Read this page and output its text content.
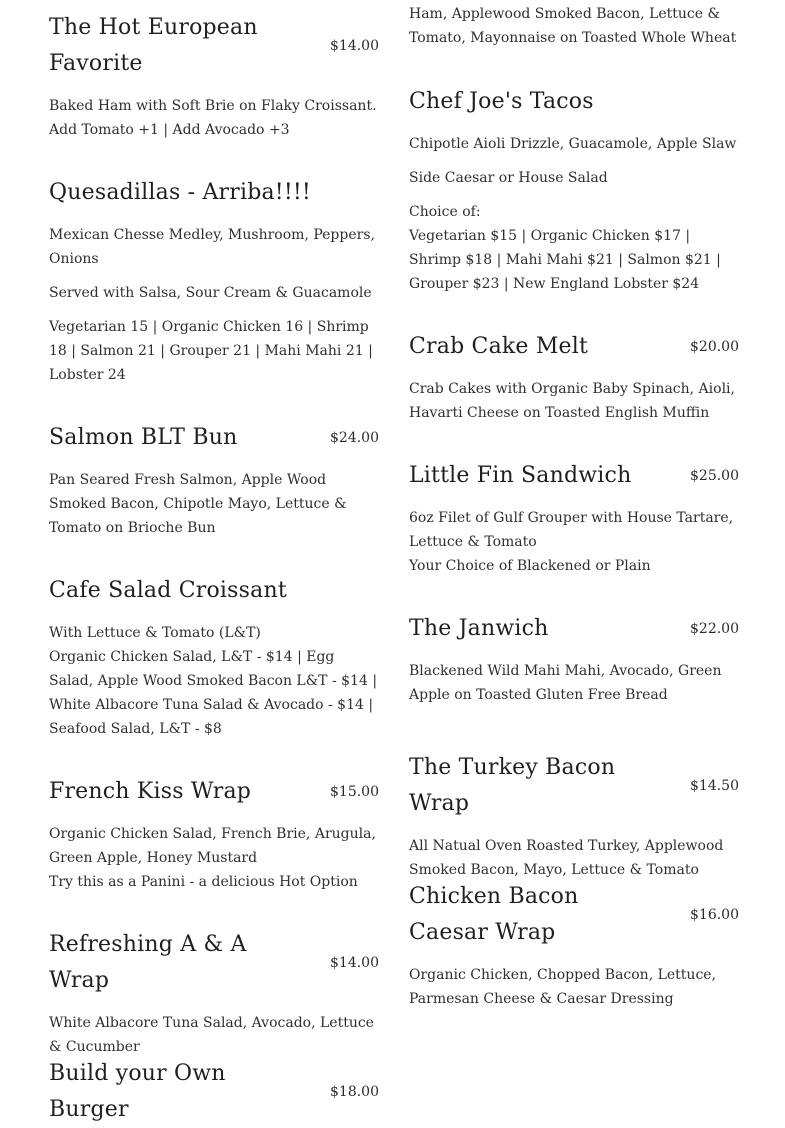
The Hot European Favorite
$14.00
Baked Ham with Soft Brie on Flaky Croissant. Add Tomato +1 | Add Avocado +3
Quesadillas - Arriba!!!!
Mexican Chesse Medley, Mushroom, Peppers, Onions
Served with Salsa, Sour Cream & Guacamole
Vegetarian 15 | Organic Chicken 16 | Shrimp 18 | Salmon 21 | Grouper 21 | Mahi Mahi 21 | Lobster 24
Salmon BLT Bun	$24.00
Pan Seared Fresh Salmon, Apple Wood Smoked Bacon, Chipotle Mayo, Lettuce & Tomato on Brioche Bun
Cafe Salad Croissant
With Lettuce & Tomato (L&T)
Organic Chicken Salad, L&T - $14 | Egg Salad, Apple Wood Smoked Bacon L&T - $14 | White Albacore Tuna Salad & Avocado - $14 | Seafood Salad, L&T - $8
French Kiss Wrap	$15.00
Organic Chicken Salad, French Brie, Arugula, Green Apple, Honey Mustard
Try this as a Panini - a delicious Hot Option
Refreshing A & A Wrap
$14.00
White Albacore Tuna Salad, Avocado, Lettuce & Cucumber
Build your Own Burger
$18.00
Ham, Applewood Smoked Bacon, Lettuce & Tomato, Mayonnaise on Toasted Whole Wheat
Chef Joe's Tacos
Chipotle Aioli Drizzle, Guacamole, Apple Slaw
Side Caesar or House Salad
Choice of:
Vegetarian $15 | Organic Chicken $17 | Shrimp $18 | Mahi Mahi $21 | Salmon $21 | Grouper $23 | New England Lobster $24
Crab Cake Melt	$20.00
Crab Cakes with Organic Baby Spinach, Aioli, Havarti Cheese on Toasted English Muffin
Little Fin Sandwich	$25.00
6oz Filet of Gulf Grouper with House Tartare, Lettuce & Tomato
Your Choice of Blackened or Plain
The Janwich	$22.00
Blackened Wild Mahi Mahi, Avocado, Green Apple on Toasted Gluten Free Bread
The Turkey Bacon Wrap
$14.50
All Natual Oven Roasted Turkey, Applewood Smoked Bacon, Mayo, Lettuce & Tomato
Chicken Bacon Caesar Wrap
$16.00
Organic Chicken, Chopped Bacon, Lettuce, Parmesan Cheese & Caesar Dressing
